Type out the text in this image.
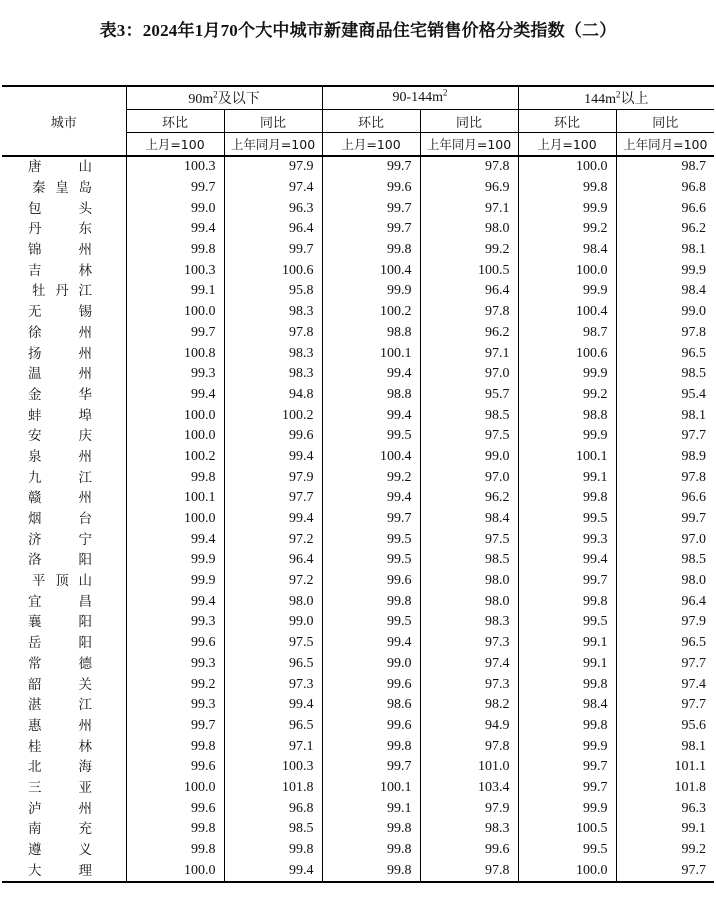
表3：2024年1月70个大中城市新建商品住宅销售价格分类指数（二）
城市	$90m^2$及以下		$90-144m^2$		$144m^2$以上	
	环比	同比	环比	同比	环比	同比
	上月=100	上年同月=100	上月=100	上年同月=100	上月=100	上年同月=100

唐 山	100.3	97.9	99.7	97.8	100.0	98.7

秦 皇 岛	99.7	97.4	99.6	96.9	99.8	96.8

包 头	99.0	96.3	99.7	97.1	99.9	96.6

丹 东	99.4	96.4	99.7	98.0	99.2	96.2

锦 州	99.8	99.7	99.8	99.2	98.4	98.1

吉 林	100.3	100.6	100.4	100.5	100.0	99.9

牡 丹 江	99.1	95.8	99.9	96.4	99.9	98.4

无 锡	100.0	98.3	100.2	97.8	100.4	99.0

徐 州	99.7	97.8	98.8	96.2	98.7	97.8

扬 州	100.8	98.3	100.1	97.1	100.6	96.5

温 州	99.3	98.3	99.4	97.0	99.9	98.5

金 华	99.4	94.8	98.8	95.7	99.2	95.4

蚌 埠	100.0	100.2	99.4	98.5	98.8	98.1

安 庆	100.0	99.6	99.5	97.5	99.9	97.7

泉 州	100.2	99.4	100.4	99.0	100.1	98.9

九 江	99.8	97.9	99.2	97.0	99.1	97.8

赣 州	100.1	97.7	99.4	96.2	99.8	96.6

烟 台	100.0	99.4	99.7	98.4	99.5	99.7

济 宁	99.4	97.2	99.5	97.5	99.3	97.0

洛 阳	99.9	96.4	99.5	98.5	99.4	98.5

平 顶 山	99.9	97.2	99.6	98.0	99.7	98.0

宜 昌	99.4	98.0	99.8	98.0	99.8	96.4

襄 阳	99.3	99.0	99.5	98.3	99.5	97.9

岳 阳	99.6	97.5	99.4	97.3	99.1	96.5

常 德	99.3	96.5	99.0	97.4	99.1	97.7

韶 关	99.2	97.3	99.6	97.3	99.8	97.4

湛 江	99.3	99.4	98.6	98.2	98.4	97.7

惠 州	99.7	96.5	99.6	94.9	99.8	95.6

桂 林	99.8	97.1	99.8	97.8	99.9	98.1

北 海	99.6	100.3	99.7	101.0	99.7	101.1

三 亚	100.0	101.8	100.1	103.4	99.7	101.8

泸 州	99.6	96.8	99.1	97.9	99.9	96.3

南 充	99.8	98.5	99.8	98.3	100.5	99.1

遵 义	99.8	99.8	99.8	99.6	99.5	99.2

大 理	100.0	99.4	99.8	97.8	100.0	97.7
